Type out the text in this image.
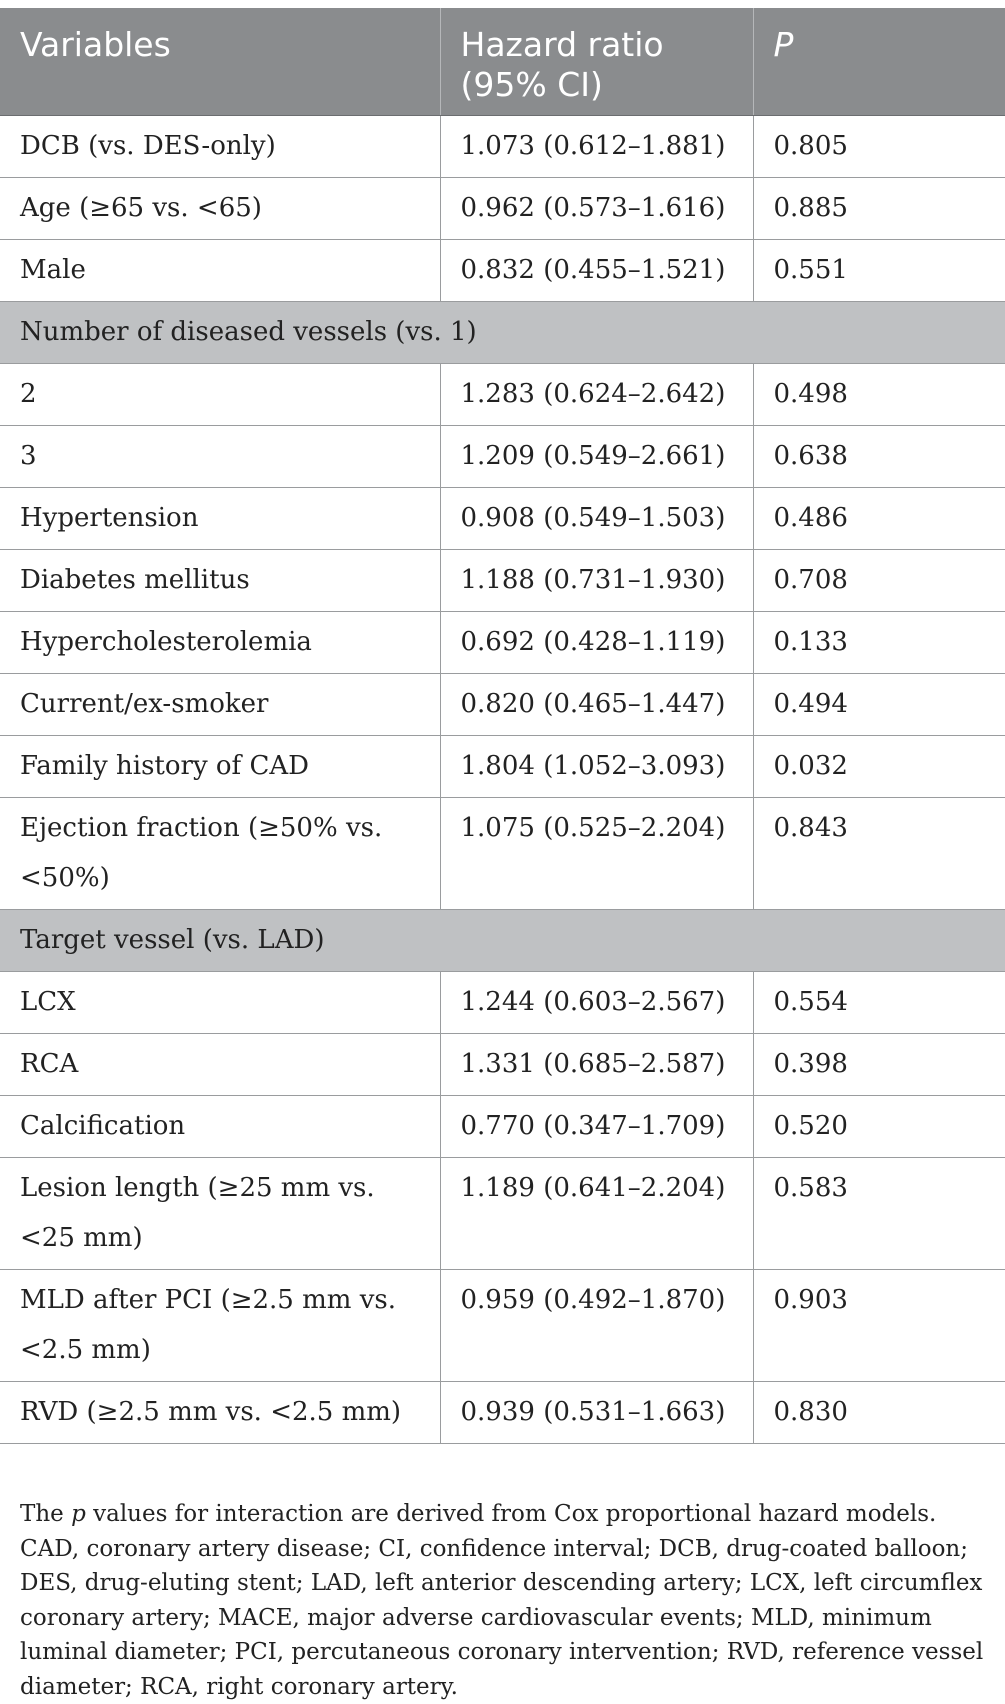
Variables	Hazard ratio (95% CI)	P
DCB (vs. DES-only)	1.073 (0.612–1.881)	0.805
Age (≥65 vs. <65)	0.962 (0.573–1.616)	0.885
Male	0.832 (0.455–1.521)	0.551
Number of diseased vessels (vs. 1)		
2	1.283 (0.624–2.642)	0.498
3	1.209 (0.549–2.661)	0.638
Hypertension	0.908 (0.549–1.503)	0.486
Diabetes mellitus	1.188 (0.731–1.930)	0.708
Hypercholesterolemia	0.692 (0.428–1.119)	0.133
Current/ex-smoker	0.820 (0.465–1.447)	0.494
Family history of CAD	1.804 (1.052–3.093)	0.032
Ejection fraction (≥50% vs. <50%)	1.075 (0.525–2.204)	0.843
Target vessel (vs. LAD)		
LCX	1.244 (0.603–2.567)	0.554
RCA	1.331 (0.685–2.587)	0.398
Calcification	0.770 (0.347–1.709)	0.520
Lesion length (≥25 mm vs. <25 mm)	1.189 (0.641–2.204)	0.583
MLD after PCI (≥2.5 mm vs. <2.5 mm)	0.959 (0.492–1.870)	0.903
RVD (≥2.5 mm vs. <2.5 mm)	0.939 (0.531–1.663)	0.830

The p values for interaction are derived from Cox proportional hazard models. CAD, coronary artery disease; CI, confidence interval; DCB, drug-coated balloon; DES, drug-eluting stent; LAD, left anterior descending artery; LCX, left circumflex coronary artery; MACE, major adverse cardiovascular events; MLD, minimum luminal diameter; PCI, percutaneous coronary intervention; RVD, reference vessel diameter; RCA, right coronary artery.
